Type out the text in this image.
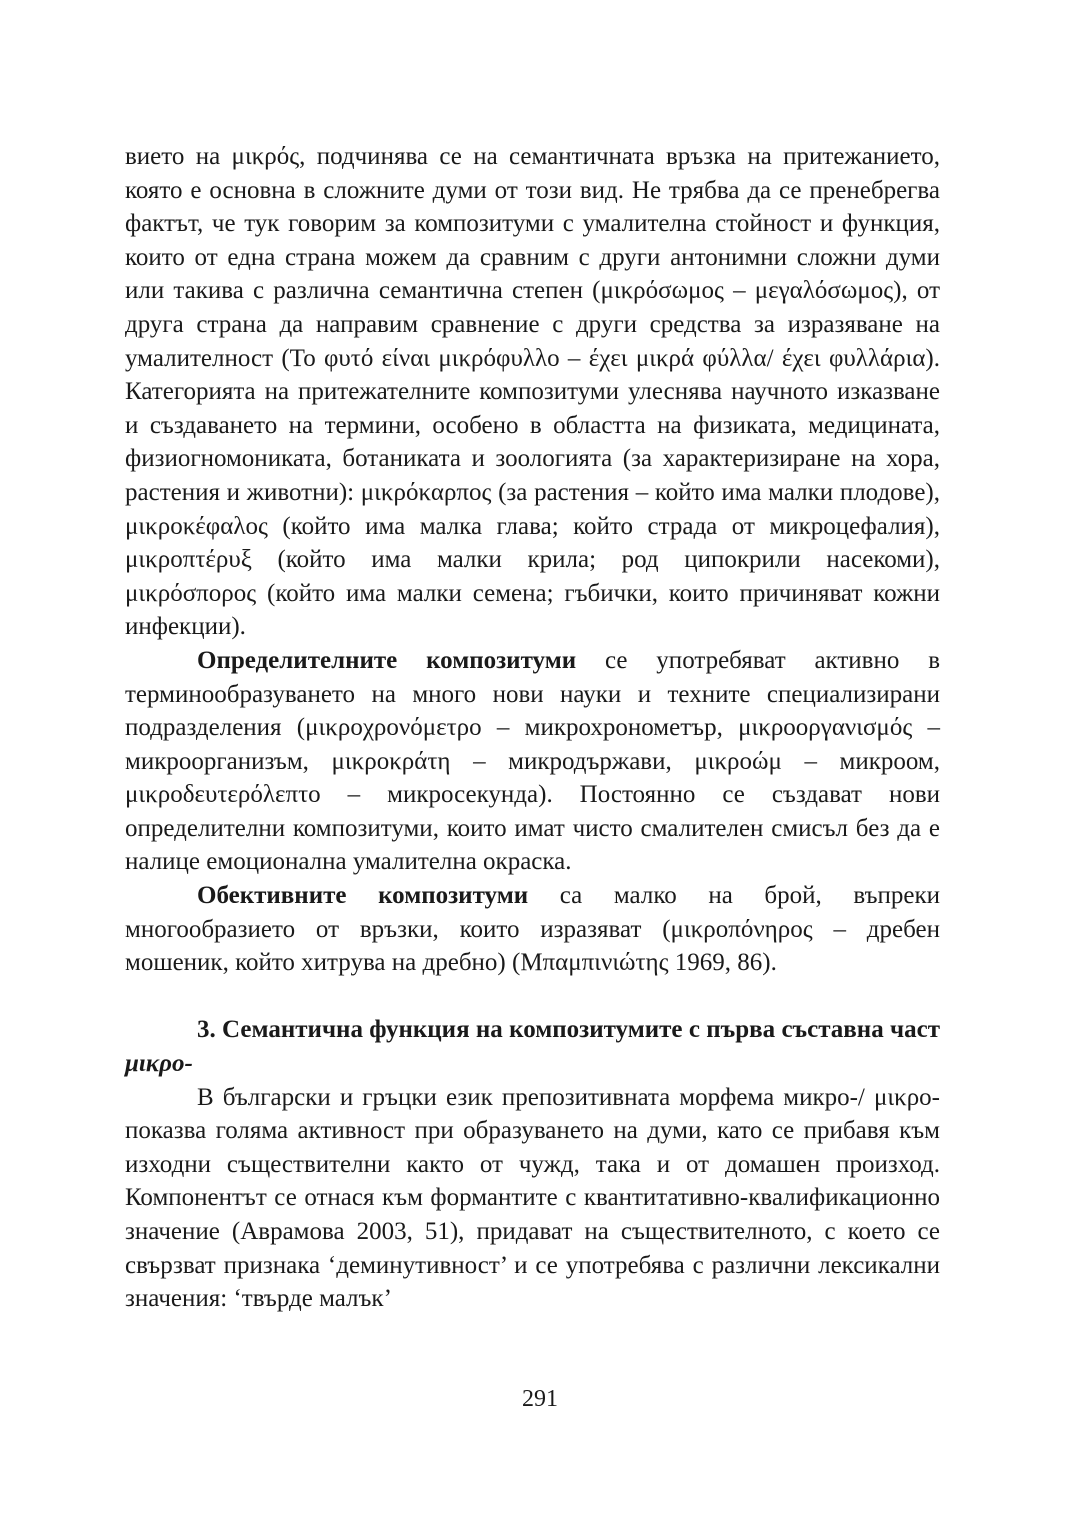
вието на μικρός, подчинява се на семантичната връзка на притежанието, която е основна в сложните думи от този вид. Не трябва да се пренебрегва фактът, че тук говорим за композитуми с умалителна стойност и функция, които от една страна можем да сравним с други антонимни сложни думи или такива с различна семантична степен (μικρόσωμος – μεγαλόσωμος), от друга страна да направим сравнение с други средства за изразяване на умалителност (Το φυτό είναι μικρόφυλλο – έχει μικρά φύλλα/ έχει φυλλάρια). Категорията на притежателните композитуми улеснява научното изказване и създаването на термини, особено в областта на физиката, медицината, физиогномониката, ботаниката и зоологията (за характеризиране на хора, растения и животни): μικρόκαρπος (за растения – който има малки плодове), μικροκέφαλος (който има малка глава; който страда от микроцефалия), μικροπτέρυξ (който има малки крила; род ципокрили насекоми), μικρόσπορος (който има малки семена; гъбички, които причиняват кожни инфекции).

Определителните композитуми се употребяват активно в терминообразуването на много нови науки и техните специализирани подразделения (μικροχρονόμετρο – микрохронометър, μικροοργανισμός – микроорганизъм, μικροκράτη – микродържави, μικροώμ – микроом, μικροδευτερόλεπτο – микросекунда). Постоянно се създават нови определителни композитуми, които имат чисто смалителен смисъл без да е налице емоционална умалителна окраска.

Обективните композитуми са малко на брой, въпреки многообразието от връзки, които изразяват (μικροπόνηρος – дребен мошеник, който хитрува на дребно) (Μπαμπινιώτης 1969, 86).

3. Семантична функция на композитумите с първа съставна част μικρο-

В български и гръцки език препозитивната морфема микро-/ μικρο- показва голяма активност при образуването на думи, като се прибавя към изходни съществителни както от чужд, така и от домашен произход. Компонентът се отнася към формантите с квантитативно-квалификационно значение (Аврамова 2003, 51), придават на съществителното, с което се свързват признака ‘деминутивност’ и се употребява с различни лексикални значения: ‘твърде малък’

291
